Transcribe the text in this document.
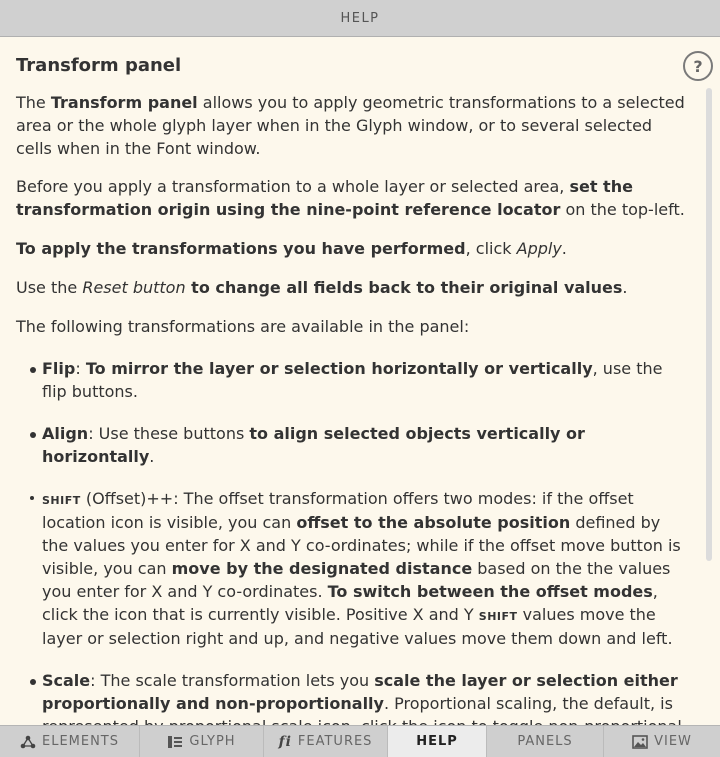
HELP
?
Transform panel

The Transform panel allows you to apply geometric transformations to a selected area or the whole glyph layer when in the Glyph window, or to several selected cells when in the Font window.

Before you apply a transformation to a whole layer or selected area, set the transformation origin using the nine-point reference locator on the top-left.

To apply the transformations you have performed, click Apply.

Use the Reset button to change all fields back to their original values.

The following transformations are available in the panel:

Flip: To mirror the layer or selection horizontally or vertically, use the flip buttons.
Align: Use these buttons to align selected objects vertically or horizontally.
SHIFT (Offset)++: The offset transformation offers two modes: if the offset location icon is visible, you can offset to the absolute position defined by the values you enter for X and Y co-ordinates; while if the offset move button is visible, you can move by the designated distance based on the the values you enter for X and Y co-ordinates. To switch between the offset modes, click the icon that is currently visible. Positive X and Y SHIFT values move the layer or selection right and up, and negative values move them down and left.
Scale: The scale transformation lets you scale the layer or selection either proportionally and non-proportionally. Proportional scaling, the default, is
ELEMENTS	GLYPH	fi FEATURES	HELP	PANELS	VIEW
